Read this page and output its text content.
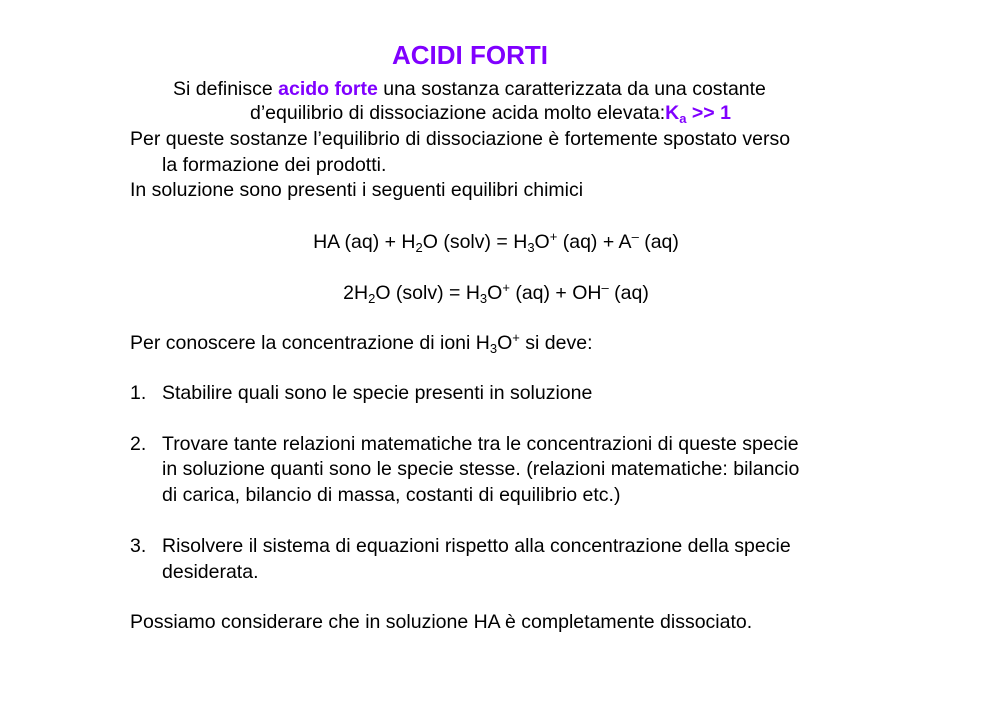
ACIDI FORTI
Si definisce acido forte una sostanza caratterizzata da una costante
d’equilibrio di dissociazione acida molto $elevata:K_a >> 1$
Per queste sostanze l’equilibrio di dissociazione è fortemente spostato verso
la formazione dei prodotti.
In soluzione sono presenti i seguenti equilibri chimici
HA $(aq) + H_2O$ (solv) = $H_3O^+$ (aq) + A– (aq)
$2H_2O$ (solv) = $H_3O^+$ (aq) + OH– (aq)
Per conoscere la concentrazione di ioni $H_3O^+$ si deve:
1. Stabilire quali sono le specie presenti in soluzione
2. Trovare tante relazioni matematiche tra le concentrazioni di queste specie
in soluzione quanti sono le specie stesse. (relazioni matematiche: bilancio
di carica, bilancio di massa, costanti di equilibrio etc.)
3. Risolvere il sistema di equazioni rispetto alla concentrazione della specie
desiderata.
Possiamo considerare che in soluzione HA è completamente dissociato.
